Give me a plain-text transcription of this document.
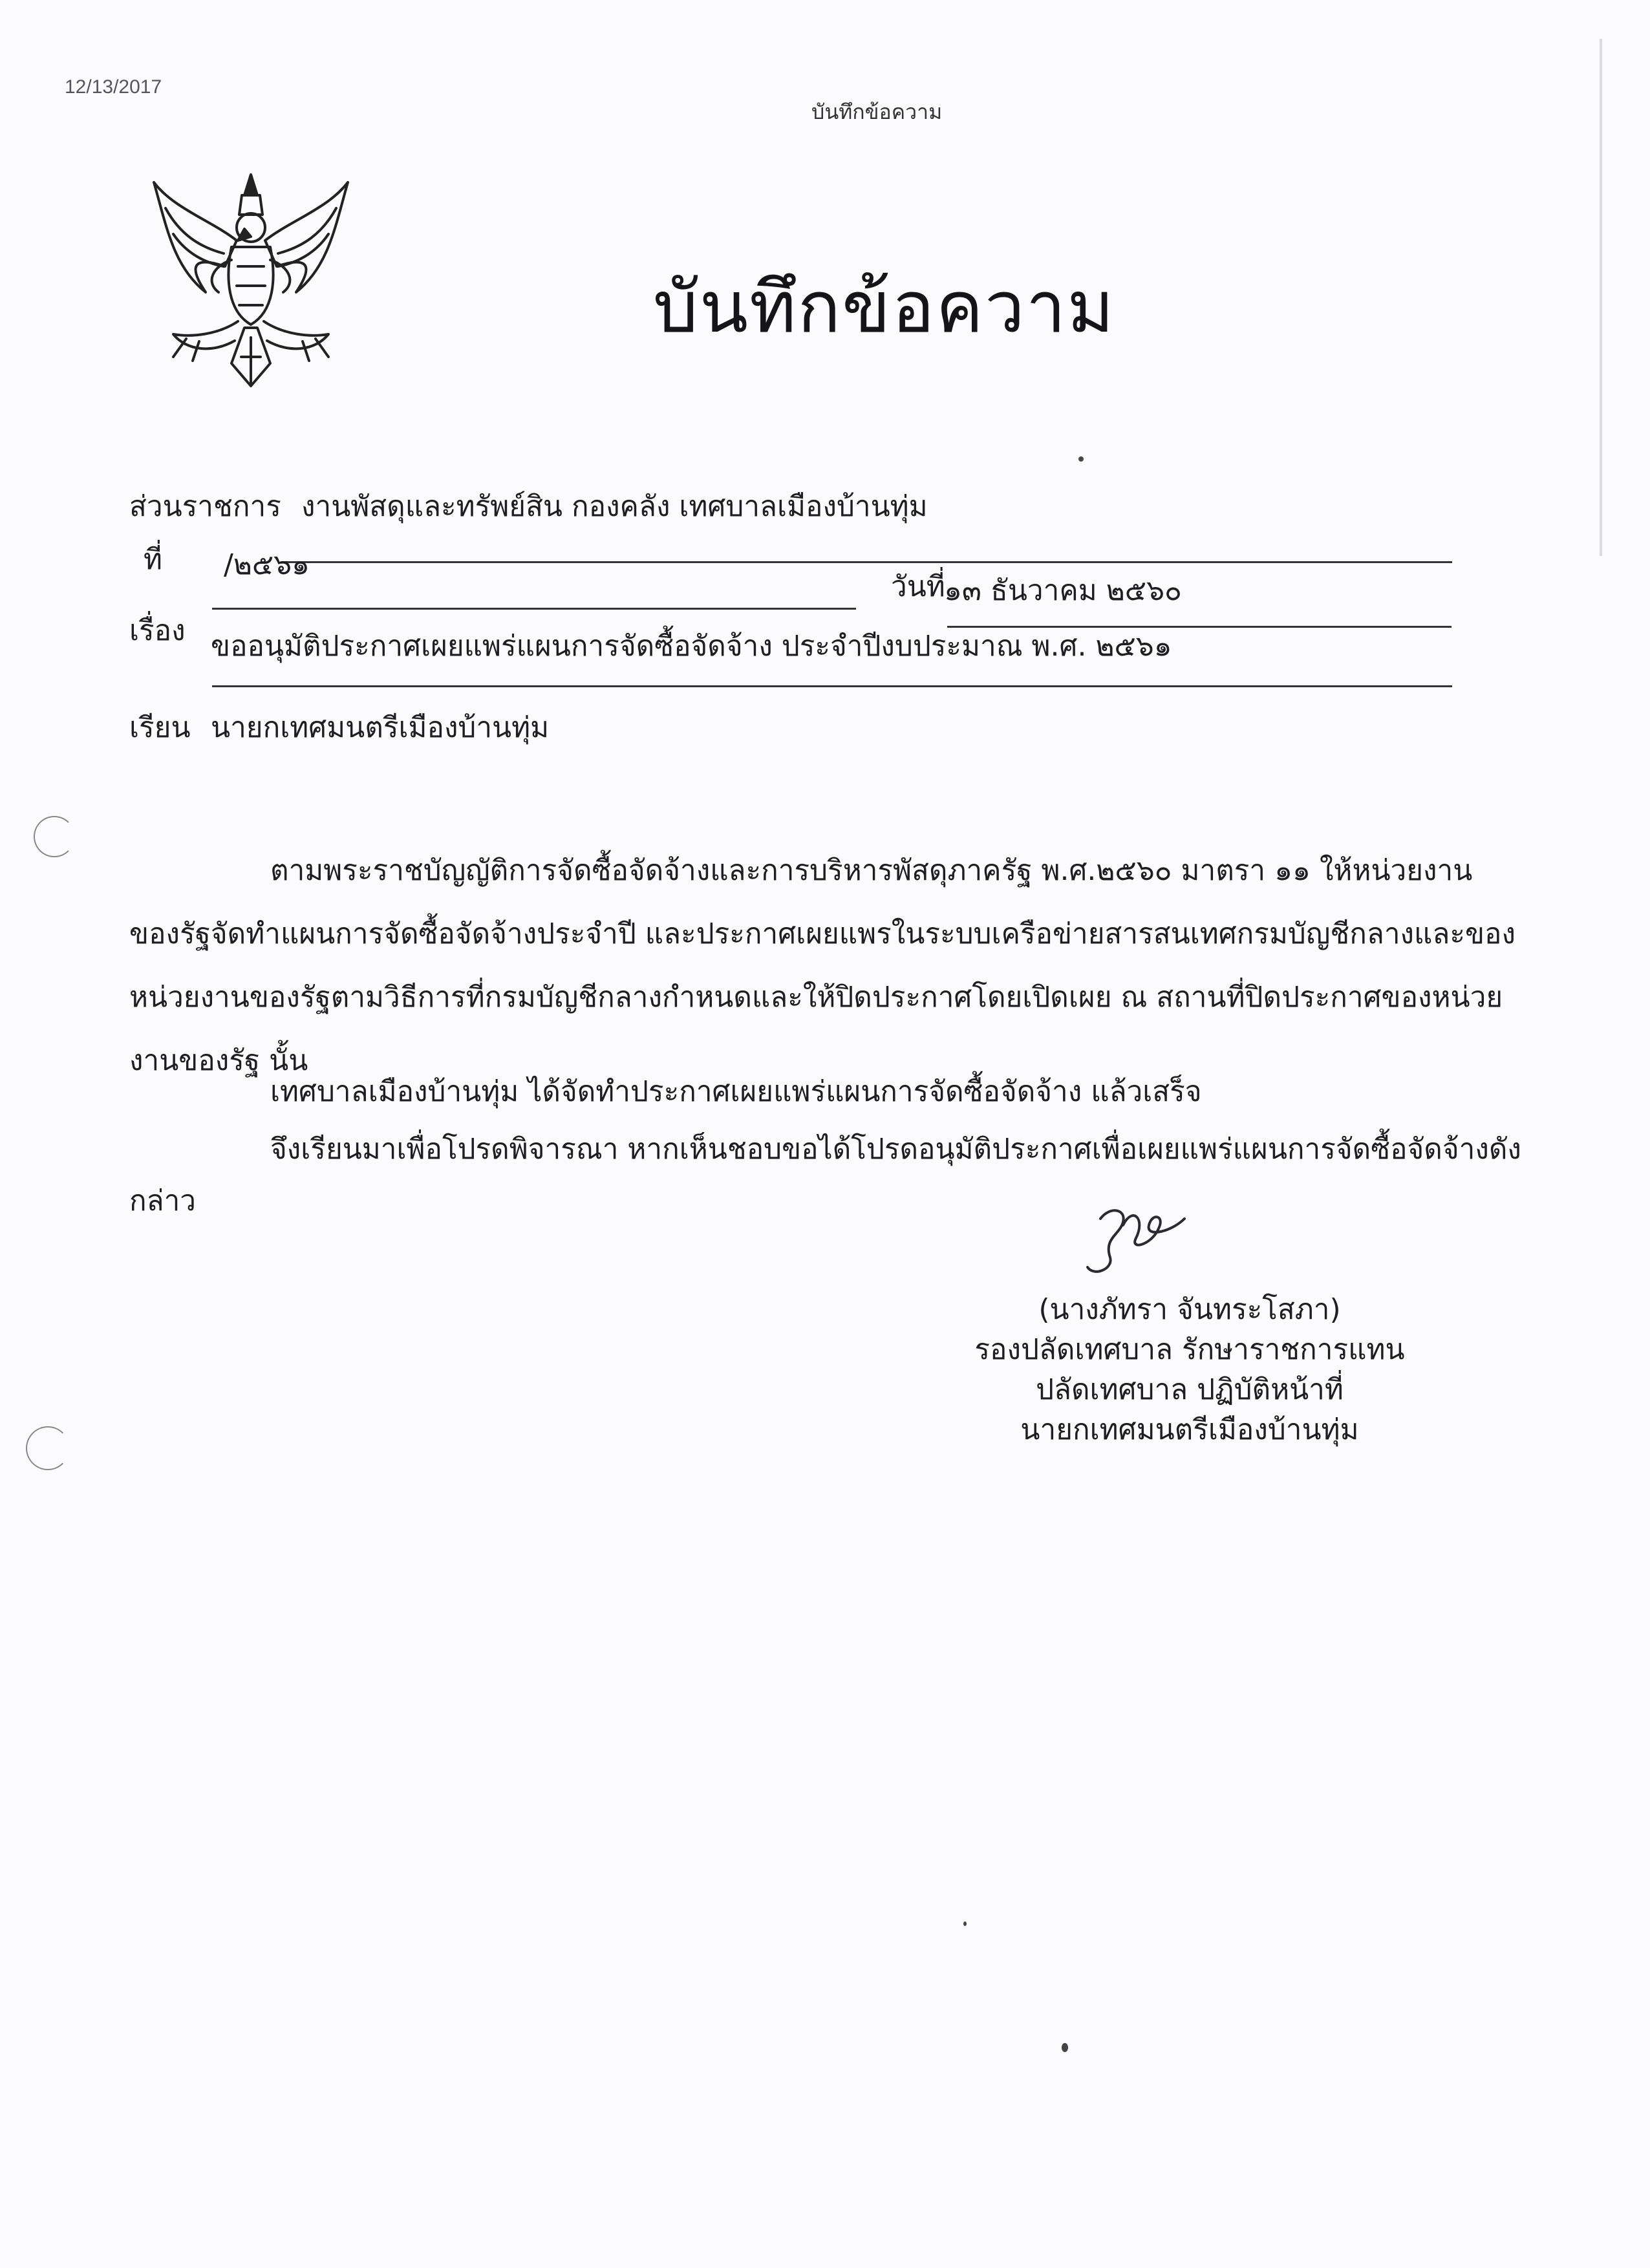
12/13/2017
บันทึกข้อความ
บันทึกข้อความ
ส่วนราชการ งานพัสดุและทรัพย์สิน กองคลัง เทศบาลเมืองบ้านทุ่ม
ที่ /๒๕๖๑
วันที่
๑๓ ธันวาคม ๒๕๖๐
เรื่อง ขออนุมัติประกาศเผยแพร่แผนการจัดซื้อจัดจ้าง ประจำปีงบประมาณ พ.ศ. ๒๕๖๑
เรียน นายกเทศมนตรีเมืองบ้านทุ่ม
ตามพระราชบัญญัติการจัดซื้อจัดจ้างและการบริหารพัสดุภาครัฐ พ.ศ.๒๕๖๐ มาตรา ๑๑ ให้หน่วยงาน
ของรัฐจัดทำแผนการจัดซื้อจัดจ้างประจำปี และประกาศเผยแพรในระบบเครือข่ายสารสนเทศกรมบัญชีกลางและของ
หน่วยงานของรัฐตามวิธีการที่กรมบัญชีกลางกำหนดและให้ปิดประกาศโดยเปิดเผย ณ สถานที่ปิดประกาศของหน่วย
งานของรัฐ นั้น
เทศบาลเมืองบ้านทุ่ม ได้จัดทำประกาศเผยแพร่แผนการจัดซื้อจัดจ้าง แล้วเสร็จ
จึงเรียนมาเพื่อโปรดพิจารณา หากเห็นชอบขอได้โปรดอนุมัติประกาศเพื่อเผยแพร่แผนการจัดซื้อจัดจ้างดัง
กล่าว
(นางภัทรา จันทระโสภา)
รองปลัดเทศบาล รักษาราชการแทน
ปลัดเทศบาล ปฏิบัติหน้าที่
นายกเทศมนตรีเมืองบ้านทุ่ม
